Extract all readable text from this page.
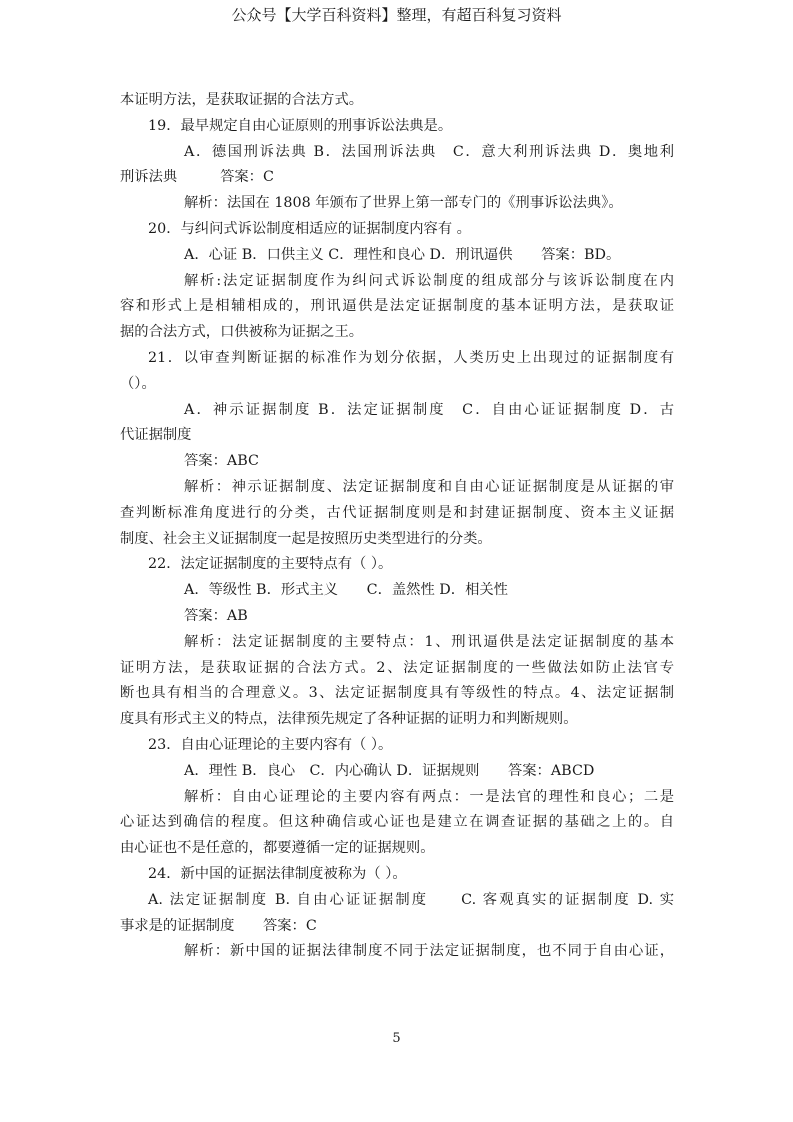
公众号【大学百科资料】整理，有超百科复习资料
本证明方法，是获取证据的合法方式。
19．最早规定自由心证原则的刑事诉讼法典是。
A．德国刑诉法典 B．法国刑诉法典　C．意大利刑诉法典 D．奥地利
刑诉法典　　　答案：C
解析：法国在 1808 年颁布了世界上第一部专门的《刑事诉讼法典》。
20．与纠问式诉讼制度相适应的证据制度内容有 。
A．心证 B．口供主义 C．理性和良心 D．刑讯逼供　　答案：BD。
解析:法定证据制度作为纠问式诉讼制度的组成部分与该诉讼制度在内
容和形式上是相辅相成的，刑讯逼供是法定证据制度的基本证明方法，是获取证
据的合法方式，口供被称为证据之王。
21．以审查判断证据的标准作为划分依据，人类历史上出现过的证据制度有
（）。
A．神示证据制度 B．法定证据制度　C．自由心证证据制度 D．古
代证据制度
答案：ABC
解析：神示证据制度、法定证据制度和自由心证证据制度是从证据的审
查判断标准角度进行的分类，古代证据制度则是和封建证据制度、资本主义证据
制度、社会主义证据制度一起是按照历史类型进行的分类。
22．法定证据制度的主要特点有（ ）。
A．等级性 B．形式主义　　C．盖然性 D．相关性
答案：AB
解析：法定证据制度的主要特点：1、刑讯逼供是法定证据制度的基本
证明方法，是获取证据的合法方式。2、法定证据制度的一些做法如防止法官专
断也具有相当的合理意义。3、法定证据制度具有等级性的特点。4、法定证据制
度具有形式主义的特点，法律预先规定了各种证据的证明力和判断规则。
23．自由心证理论的主要内容有（ ）。
A．理性 B．良心　C．内心确认 D．证据规则　　答案：ABCD
解析：自由心证理论的主要内容有两点：一是法官的理性和良心；二是
心证达到确信的程度。但这种确信或心证也是建立在调查证据的基础之上的。自
由心证也不是任意的，都要遵循一定的证据规则。
24．新中国的证据法律制度被称为（ ）。
A. 法定证据制度 B. 自由心证证据制度　　C. 客观真实的证据制度 D. 实
事求是的证据制度　　答案：C
解析：新中国的证据法律制度不同于法定证据制度，也不同于自由心证，
5
